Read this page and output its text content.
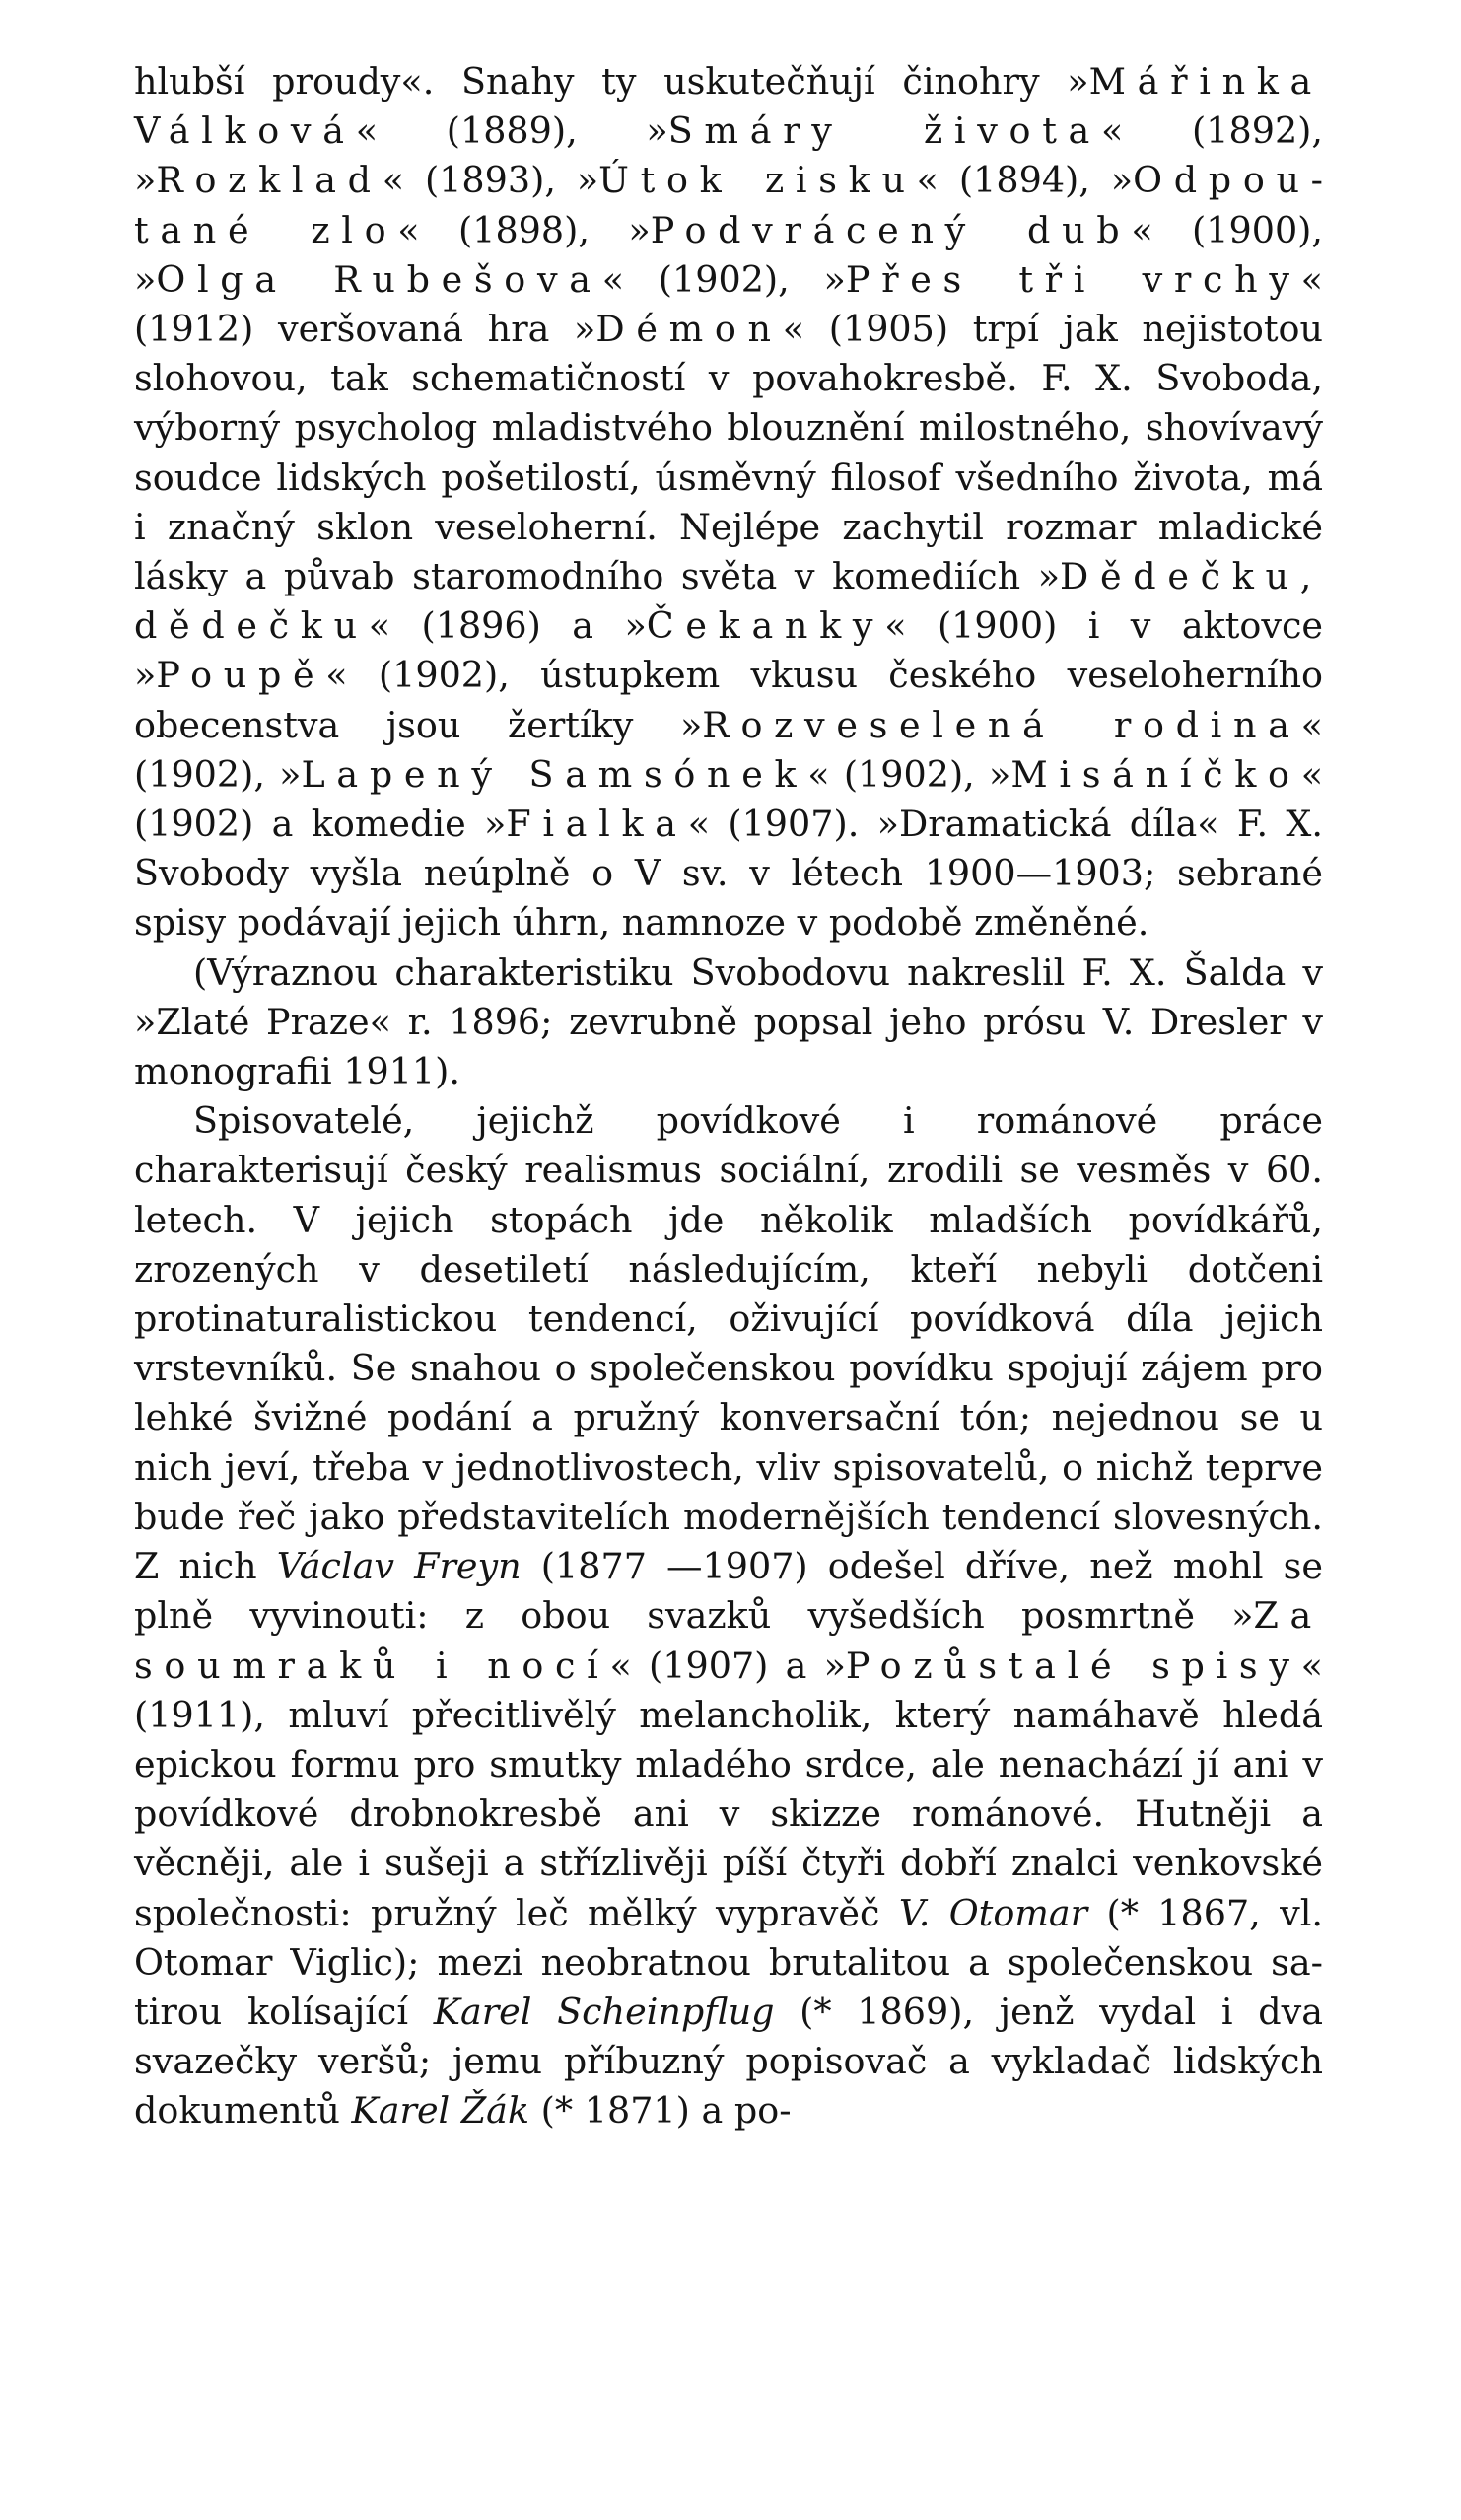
hlubší proudy«. Snahy ty uskutečňují činohry »Mářinka Válková« (1889), »Smáry života« (1892), »Rozklad« (1893), »Útok zisku« (1894), »Odpoutané zlo« (1898), »Podvrácený dub« (1900), »Olga Rubešova« (1902), »Přes tři vrchy« (1912) veršovaná hra »Démon« (1905) trpí jak nejistotou slohovou, tak schematičností v povahokresbě. F. X. Svoboda, výborný psycholog mladistvého blouznění milostného, shovívavý soudce lidských pošetilostí, úsměvný filosof všedního života, má i značný sklon veseloherní. Nejlépe zachytil rozmar mladické lásky a půvab staromodního světa v komediích »Dědečku, dědečku« (1896) a »Čekanky« (1900) i v aktovce »Poupě« (1902), ústupkem vkusu českého veseloherního obecenstva jsou žertíky »Rozveselená rodina« (1902), »Lapený Samsónek« (1902), »Misáníčko« (1902) a komedie »Fialka« (1907). »Dramatická díla« F. X. Svobody vyšla neúplně o V sv. v létech 1900—1903; sebrané spisy podávají jejich úhrn, namnoze v podobě změněné.

(Výraznou charakteristiku Svobodovu nakreslil F. X. Šalda v »Zlaté Praze« r. 1896; zevrubně popsal jeho prósu V. Dresler v monografii 1911).

Spisovatelé, jejichž povídkové i románové práce charakterisují český realismus sociální, zrodili se vesměs v 60. letech. V jejich stopách jde několik mladších povídkářů, zrozených v desetiletí následujícím, kteří nebyli dotčeni protinaturalistickou tendencí, oživující povídková díla jejich vrstevníků. Se snahou o společenskou povídku spojují zájem pro lehké švižné podání a pružný konversační tón; nejednou se u nich jeví, třeba v jednotlivostech, vliv spisovatelů, o nichž teprve bude řeč jako představitelích modernějších tendencí slovesných. Z nich Václav Freyn (1877 —1907) odešel dříve, než mohl se plně vyvinouti: z obou svazků vyšedších posmrtně »Za soumraků i nocí« (1907) a »Pozůstalé spisy« (1911), mluví přecitlivělý melancholik, který namáhavě hledá epickou formu pro smutky mladého srdce, ale nenachází jí ani v povídkové drobnokresbě ani v skizze románové. Hutněji a věcněji, ale i sušeji a střízlivěji píší čtyři dobří znalci venkovské společnosti: pružný leč mělký vypravěč V. Otomar (* 1867, vl. Otomar Viglic); mezi neobratnou brutalitou a společenskou satirou kolísající Karel Scheinpflug (* 1869), jenž vydal i dva svazečky veršů; jemu příbuzný popisovač a vykladač lidských dokumentů Karel Žák (* 1871) a po-
